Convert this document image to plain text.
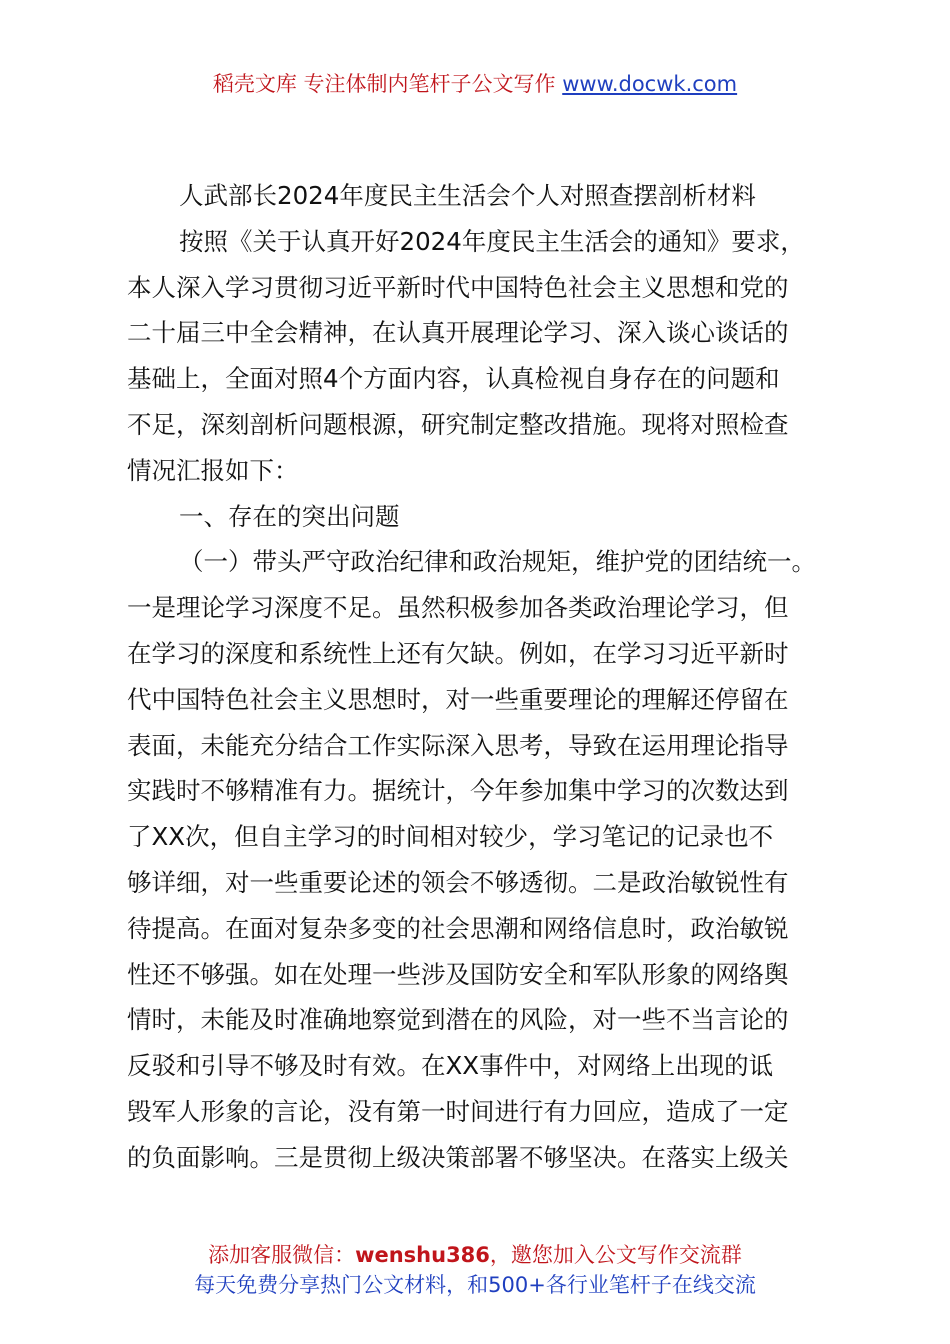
稻壳文库 专注体制内笔杆子公文写作 www.docwk.com
人武部长2024年度民主生活会个人对照查摆剖析材料
按照《关于认真开好2024年度民主生活会的通知》要求，
本人深入学习贯彻习近平新时代中国特色社会主义思想和党的
二十届三中全会精神，在认真开展理论学习、深入谈心谈话的
基础上，全面对照4个方面内容，认真检视自身存在的问题和
不足，深刻剖析问题根源，研究制定整改措施。现将对照检查
情况汇报如下：
一、存在的突出问题
（一）带头严守政治纪律和政治规矩，维护党的团结统一。
一是理论学习深度不足。虽然积极参加各类政治理论学习，但
在学习的深度和系统性上还有欠缺。例如，在学习习近平新时
代中国特色社会主义思想时，对一些重要理论的理解还停留在
表面，未能充分结合工作实际深入思考，导致在运用理论指导
实践时不够精准有力。据统计，今年参加集中学习的次数达到
了XX次，但自主学习的时间相对较少，学习笔记的记录也不
够详细，对一些重要论述的领会不够透彻。二是政治敏锐性有
待提高。在面对复杂多变的社会思潮和网络信息时，政治敏锐
性还不够强。如在处理一些涉及国防安全和军队形象的网络舆
情时，未能及时准确地察觉到潜在的风险，对一些不当言论的
反驳和引导不够及时有效。在XX事件中，对网络上出现的诋
毁军人形象的言论，没有第一时间进行有力回应，造成了一定
的负面影响。三是贯彻上级决策部署不够坚决。在落实上级关
添加客服微信：wenshu386，邀您加入公文写作交流群
每天免费分享热门公文材料，和500+各行业笔杆子在线交流
